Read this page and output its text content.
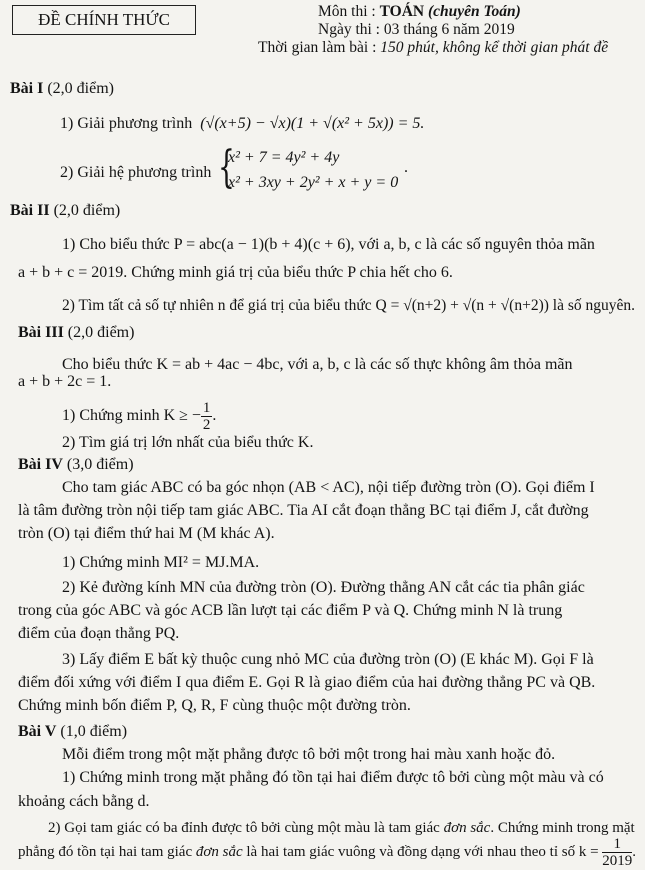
ĐỀ CHÍNH THỨC	Môn thi : TOÁN (chuyên Toán)
Ngày thi : 03 tháng 6 năm 2019
Thời gian làm bài : 150 phút, không kể thời gian phát đề
Bài I (2,0 điểm)
1) Giải phương trình (√(x+5) − √x)(1 + √(x² + 5x)) = 5.
2) Giải hệ phương trình {
x² + 7 = 4y² + 4y
x² + 3xy + 2y² + x + y = 0
.
Bài II (2,0 điểm)
1) Cho biểu thức P = abc(a − 1)(b + 4)(c + 6), với a, b, c là các số nguyên thỏa mãn
a + b + c = 2019. Chứng minh giá trị của biểu thức P chia hết cho 6.
2) Tìm tất cả số tự nhiên n để giá trị của biểu thức Q = √(n+2) + √(n + √(n+2)) là số nguyên.
Bài III (2,0 điểm)
Cho biểu thức K = ab + 4ac − 4bc, với a, b, c là các số thực không âm thỏa mãn
a + b + 2c = 1.
1) Chứng minh K ≥ − $\frac{1}{2}$ .
2) Tìm giá trị lớn nhất của biểu thức K.
Bài IV (3,0 điểm)
Cho tam giác ABC có ba góc nhọn (AB < AC), nội tiếp đường tròn (O). Gọi điểm I
là tâm đường tròn nội tiếp tam giác ABC. Tia AI cắt đoạn thẳng BC tại điểm J, cắt đường
tròn (O) tại điểm thứ hai M (M khác A).
1) Chứng minh MI² = MJ.MA.
2) Kẻ đường kính MN của đường tròn (O). Đường thẳng AN cắt các tia phân giác
trong của góc ABC và góc ACB lần lượt tại các điểm P và Q. Chứng minh N là trung
điểm của đoạn thẳng PQ.
3) Lấy điểm E bất kỳ thuộc cung nhỏ MC của đường tròn (O) (E khác M). Gọi F là
điểm đối xứng với điểm I qua điểm E. Gọi R là giao điểm của hai đường thẳng PC và QB.
Chứng minh bốn điểm P, Q, R, F cùng thuộc một đường tròn.
Bài V (1,0 điểm)
Mỗi điểm trong một mặt phẳng được tô bởi một trong hai màu xanh hoặc đỏ.
1) Chứng minh trong mặt phẳng đó tồn tại hai điểm được tô bởi cùng một màu và có
khoảng cách bằng d.
2) Gọi tam giác có ba đỉnh được tô bởi cùng một màu là tam giác đơn sắc. Chứng minh trong mặt
phẳng đó tồn tại hai tam giác đơn sắc là hai tam giác vuông và đồng dạng với nhau theo tỉ số $k = \frac{1}{2019}$ .
